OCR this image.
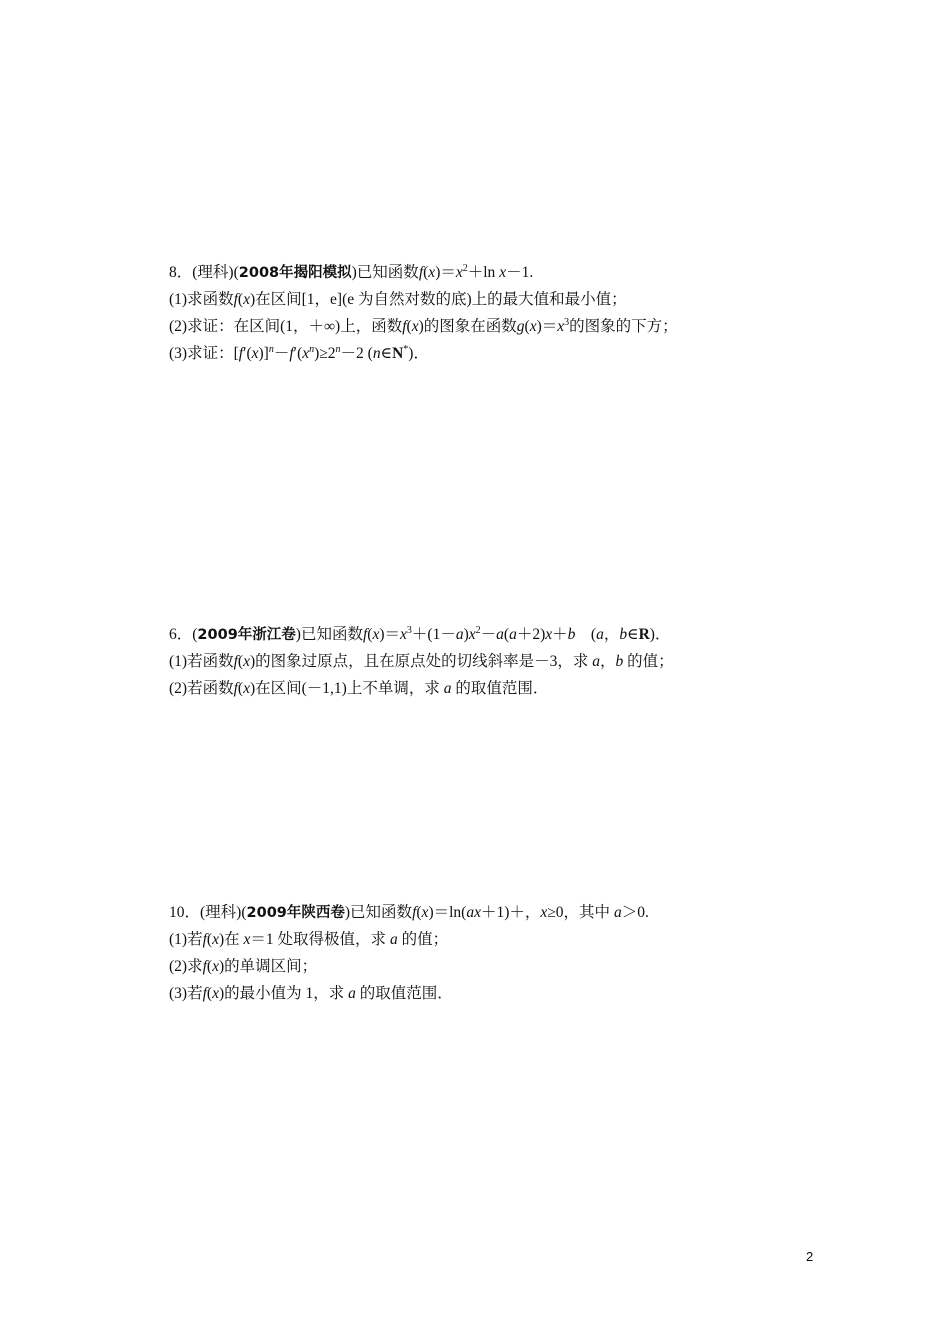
8．(理科)(2008年揭阳模拟)已知函数$f(x)=x^2+\ln$ x－1.
(1)求函数f(x)在区间[1，e](e 为自然对数的底)上的最大值和最小值；
(2)求证：在区间(1，＋∞)上，函数f(x)的图象在函数$g(x)=x^3$的图象的下方；
(3)求证：$[f'(x)]^n-f'(x^n)\ge 2^n-2$ (n∈N*)．
6．(2009年浙江卷)已知函数$f(x)=x^3+(1-a)x^2-a(a+2)x+b$    (a，b∈R)．
(1)若函数f(x)的图象过原点，且在原点处的切线斜率是－3，求 a，b 的值；
(2)若函数f(x)在区间(－1,1)上不单调，求 a 的取值范围．
10．(理科)(2009年陕西卷)已知函数f(x)＝ln(ax＋1)＋，x≥0，其中 a＞0.
(1)若f(x)在 x＝1 处取得极值，求 a 的值；
(2)求f(x)的单调区间；
(3)若f(x)的最小值为 1，求 a 的取值范围．
2
